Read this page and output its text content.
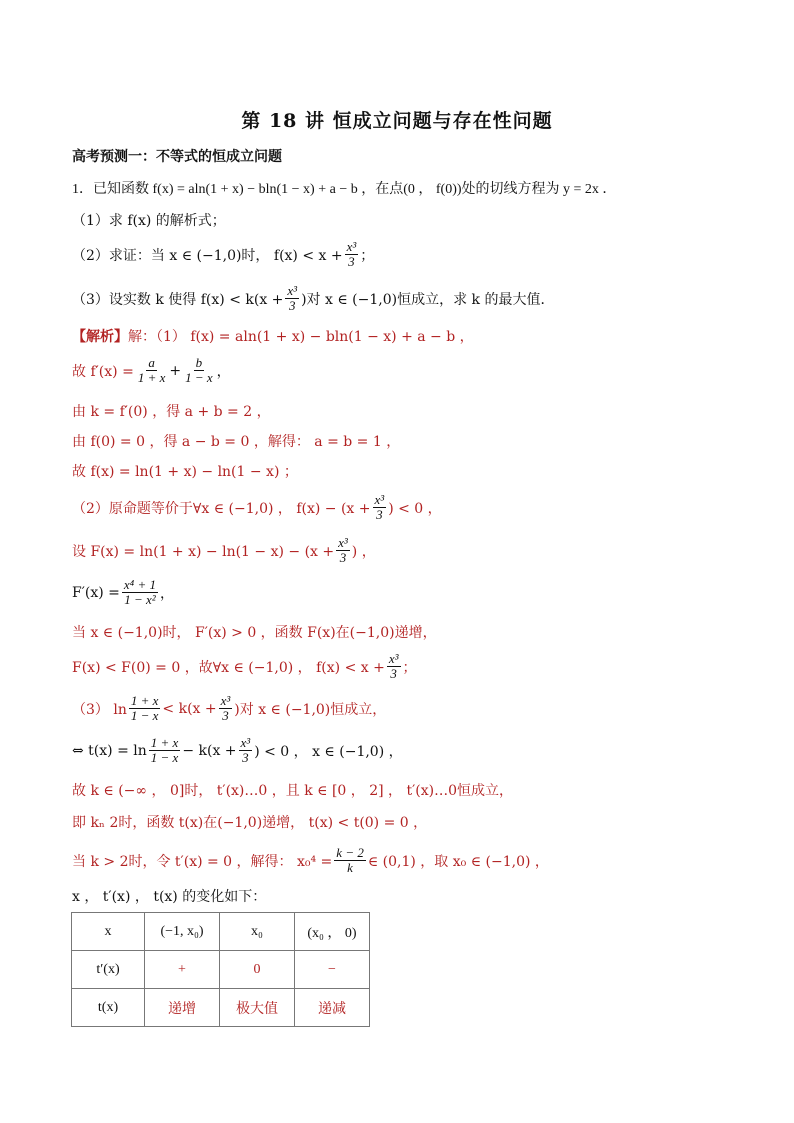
第 18 讲 恒成立问题与存在性问题
高考预测一：不等式的恒成立问题
1．已知函数 f(x) = aln(1 + x) − bln(1 − x) + a − b ，在点(0 ， f(0))处的切线方程为 y = 2x ．
（1）求 f(x) 的解析式；
（2）求证：当 x ∈ (−1,0)时， $f(x) < x + \frac{\text{x³}}{3}$ ；
（3）设实数 k 使得 $f(x) < k(x + \frac{\text{x³}}{3}$ )对 x ∈ (−1,0)恒成立，求 k 的最大值．
【解析】 解：（1） f(x) = aln(1 + x) − bln(1 − x) + a − b ，
故 $f'(x) = \frac{a}{1 + x} + \frac{b}{1 - x}$ ，
由 k = f′(0) ，得 a + b = 2 ，
由 f(0) = 0 ，得 a − b = 0 ，解得： a = b = 1 ，
故 f(x) = ln(1 + x) − ln(1 − x) ；
（2）原命题等价于∀x ∈ (−1,0) ， $f(x) - (x + \frac{\text{x³}}{3}$ ) < 0 ，
设 $F(x) = \ln(1 + x) - \ln(1 - x) - (x + \frac{\text{x³}}{3}$ ) ，
$F'(x) = \frac{\text{x⁴ + 1}}{\text{1 − x²}}$ ，
当 x ∈ (−1,0)时， F′(x) > 0 ，函数 F(x)在(−1,0)递增，
F(x) < F(0) = 0 ，故∀x ∈ (−1,0) ， $f(x) < x + \frac{\text{x³}}{3}$ ；
（3） $\ln \frac{1 + x}{1 - x} < k(x + \frac{\text{x³}}{3}$ )对 x ∈ (−1,0)恒成立，
⇔ $t(x) = \ln \frac{1 + x}{1 - x} - k(x + \frac{\text{x³}}{3}$ ) < 0 ， x ∈ (−1,0) ，
故 k ∈ (−∞ ， 0]时， t′(x)…0 ，且 k ∈ [0 ， 2] ， t′(x)…0恒成立，
即 kₙ 2时，函数 t(x)在(−1,0)递增， t(x) < t(0) = 0 ，
当 k > 2时，令 t′(x) = 0 ，解得： $x_0^4 = \frac{k - 2}{k}$ ∈ (0,1) ，取 x₀ ∈ (−1,0) ，
x ， t′(x) ， t(x) 的变化如下：
x	(−1, x₀)	x₀	(x₀ ， 0)
t′(x)	+	0	−
t(x)	递增	极大值	递减
